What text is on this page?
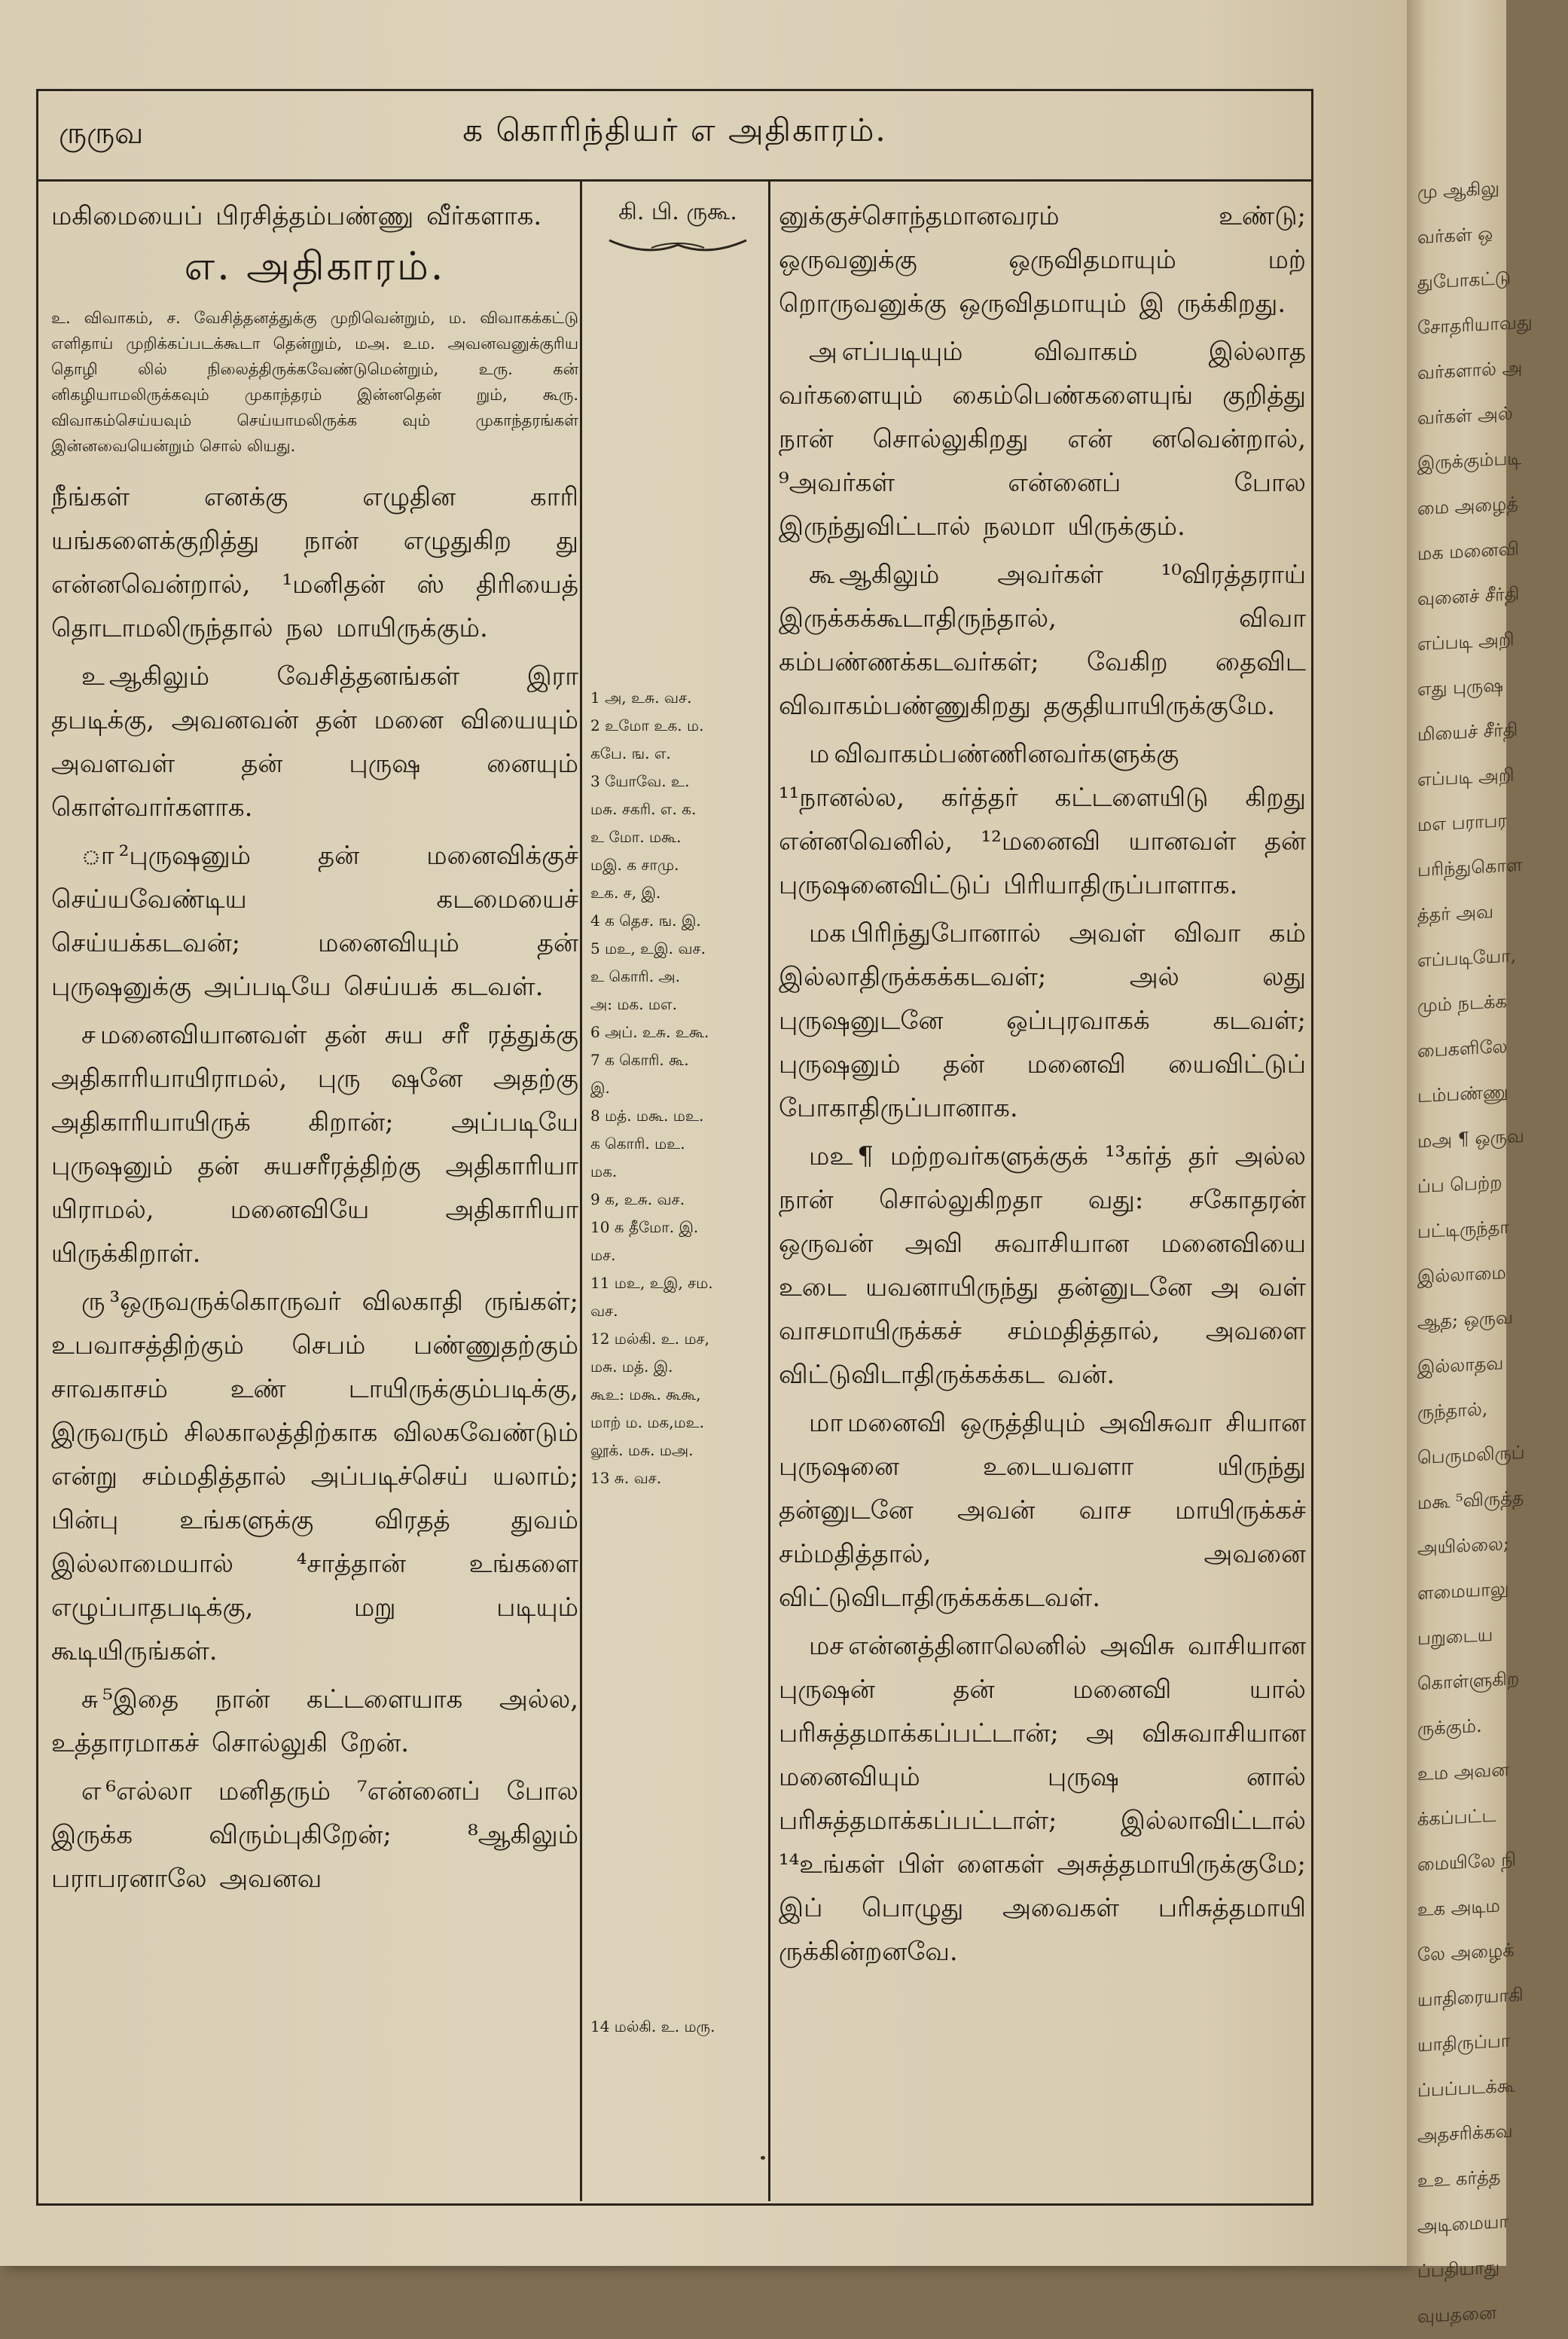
ருருவ	க கொரிந்தியர் எ அதிகாரம்.

மகிமையைப் பிரசித்தம்பண்ணு வீர்களாக.

எ. அதிகாரம்.

உ. விவாகம், ச. வேசித்தனத்துக்கு முறிவென்றும், ம. விவாகக்கட்டு எளிதாய் முறிக்கப்படக்கூடா தென்றும், மஅ. உம. அவனவனுக்குரிய தொழி லில் நிலைத்திருக்கவேண்டுமென்றும், உரு. கன் னிகழியாமலிருக்கவும் முகாந்தரம் இன்னதென் றும், கூரு. விவாகம்செய்யவும் செய்யாமலிருக்க வும் முகாந்தரங்கள் இன்னவையென்றும் சொல் லியது.

நீங்கள் எனக்கு எழுதின காரி யங்களைக்குறித்து நான் எழுதுகிற து என்னவென்றால், ¹மனிதன் ஸ் திரியைத் தொடாமலிருந்தால் நல மாயிருக்கும்.

உ ஆகிலும் வேசித்தனங்கள் இரா தபடிக்கு, அவனவன் தன் மனை வியையும் அவளவள் தன் புருஷ னையும் கொள்வார்களாக.

ா ²புருஷனும் தன் மனைவிக்குச் செய்யவேண்டிய கடமையைச் செய்யக்கடவன்; மனைவியும் தன் புருஷனுக்கு அப்படியே செய்யக் கடவள்.

ச மனைவியானவள் தன் சுய சரீ ரத்துக்கு அதிகாரியாயிராமல், புரு ஷனே அதற்கு அதிகாரியாயிருக் கிறான்; அப்படியே புருஷனும் தன் சுயசரீரத்திற்கு அதிகாரியா யிராமல், மனைவியே அதிகாரியா யிருக்கிறாள்.

ரு ³ஒருவருக்கொருவர் விலகாதி ருங்கள்; உபவாசத்திற்கும் செபம் பண்ணுதற்கும் சாவகாசம் உண் டாயிருக்கும்படிக்கு, இருவரும் சிலகாலத்திற்காக விலகவேண்டும் என்று சம்மதித்தால் அப்படிச்செய் யலாம்; பின்பு உங்களுக்கு விரதத் துவம் இல்லாமையால் ⁴சாத்தான் உங்களை எழுப்பாதபடிக்கு, மறு படியும் கூடியிருங்கள்.

சு ⁵இதை நான் கட்டளையாக அல்ல, உத்தாரமாகச் சொல்லுகி றேன்.

எ ⁶எல்லா மனிதரும் ⁷என்னைப் போல இருக்க விரும்புகிறேன்; ⁸ஆகிலும் பராபரனாலே அவனவ

கி. பி. ருகூ.
1 அ, உசு. வச.
2 உமோ உக. ம.
கபே. ங. எ.
3 யோவே. உ.
மசு. சகரி. எ. க.
உ மோ. மகூ.
மஇ. க சாமு.
உக. ச, இ.
4 க தெச. ங. இ.
5 மஉ, உஇ. வச.
உ கொரி. அ.
அ: மக. மஎ.
6 அப். உசு. உகூ.
7 க கொரி. கூ.
இ.
8 மத். மகூ. மஉ.
க கொரி. மஉ.
மக.
9 க, உசு. வச.
10 க தீமோ. இ.
மச.
11 மஉ, உஇ, சம.
வச.
12 மல்கி. உ. மச,
மசு. மத். இ.
கூஉ: மகூ. கூகூ,
மாற் ம. மக,மஉ.
லூக். மசு. மஅ.
13 சு. வச.
14 மல்கி. உ. மரு.

னுக்குச்சொந்தமானவரம் உண்டு; ஒருவனுக்கு ஒருவிதமாயும் மற் றொருவனுக்கு ஒருவிதமாயும் இ ருக்கிறது.

அ எப்படியும் விவாகம் இல்லாத வர்களையும் கைம்பெண்களையுங் குறித்து நான் சொல்லுகிறது என் னவென்றால், ⁹அவர்கள் என்னைப் போல இருந்துவிட்டால் நலமா யிருக்கும்.

கூ ஆகிலும் அவர்கள் ¹⁰விரத்தராய் இருக்கக்கூடாதிருந்தால், விவா கம்பண்ணக்கடவர்கள்; வேகிற தைவிட விவாகம்பண்ணுகிறது தகுதியாயிருக்குமே.

ம விவாகம்பண்ணினவர்களுக்கு ¹¹நானல்ல, கர்த்தர் கட்டளையிடு கிறது என்னவெனில், ¹²மனைவி யானவள் தன் புருஷனைவிட்டுப் பிரியாதிருப்பாளாக.

மக பிரிந்துபோனால் அவள் விவா கம் இல்லாதிருக்கக்கடவள்; அல் லது புருஷனுடனே ஒப்புரவாகக் கடவள்; புருஷனும் தன் மனைவி யைவிட்டுப் போகாதிருப்பானாக.

மஉ ¶ மற்றவர்களுக்குக் ¹³கர்த் தர் அல்ல நான் சொல்லுகிறதா வது: சகோதரன் ஒருவன் அவி சுவாசியான மனைவியை உடை யவனாயிருந்து தன்னுடனே அ வள் வாசமாயிருக்கச் சம்மதித்தால், அவளை விட்டுவிடாதிருக்கக்கட வன்.

மா மனைவி ஒருத்தியும் அவிசுவா சியான புருஷனை உடையவளா யிருந்து தன்னுடனே அவன் வாச மாயிருக்கச் சம்மதித்தால், அவனை விட்டுவிடாதிருக்கக்கடவள்.

மச என்னத்தினாலெனில் அவிசு வாசியான புருஷன் தன் மனைவி யால் பரிசுத்தமாக்கப்பட்டான்; அ விசுவாசியான மனைவியும் புருஷ னால் பரிசுத்தமாக்கப்பட்டாள்; இல்லாவிட்டால் ¹⁴உங்கள் பிள் ளைகள் அசுத்தமாயிருக்குமே; இப் பொழுது அவைகள் பரிசுத்தமாயி ருக்கின்றனவே.

மு ஆகிலு
வர்கள் ஒ
துபோகட்டு
சோதரியாவது
வர்களால் அ
வர்கள் அல்
இருக்கும்படி
மை அழைத்
மக மனைவி
வுனைச் சீர்தி
எப்படி அறி
எது புருஷ
மியைச் சீர்தி
எப்படி அறி
மஎ பராபர
பரிந்துகொள
த்தர் அவ
எப்படியோ,
மும் நடக்க
பைகளிலே
டம்பண்ணு
மஅ ¶ ஒருவ
ப்ப பெற்ற
பட்டிருந்தா
இல்லாமை
ஆத; ஒருவ
இல்லாதவ
ருந்தால்,
பெருமலிருப்
மகூ ⁵விருத்த
அயில்லை;
ளமையாலு
பறுடைய
கொள்ளுகிற
ருக்கும்.
உம அவன
க்கப்பட்ட
மையிலே நி
உக அடிம
லே அழைக்
யாதிரையாகி
யாதிருப்பா
ப்பப்படக்கூ
அதசரிக்கவ
உஉ கர்த்த
அடிமையா
ப்பதியாது
வுயதனை
